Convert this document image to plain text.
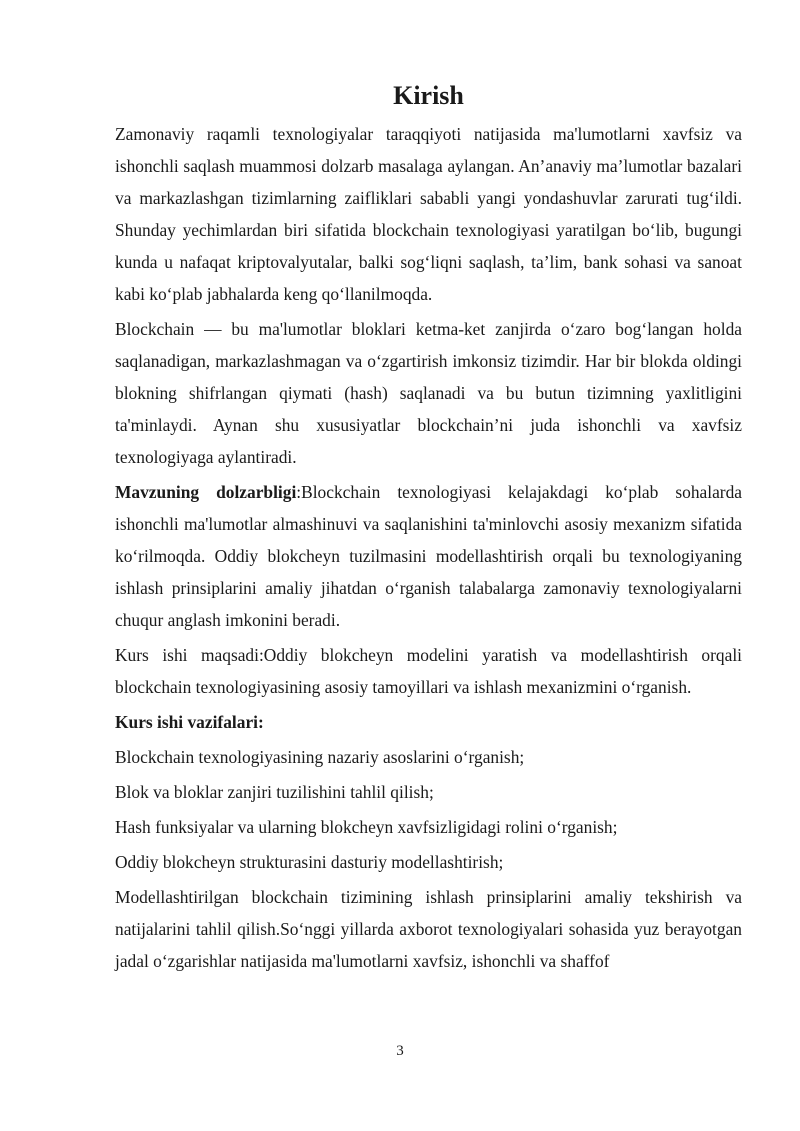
Kirish

Zamonaviy raqamli texnologiyalar taraqqiyoti natijasida ma'lumotlarni xavfsiz va ishonchli saqlash muammosi dolzarb masalaga aylangan. An’anaviy ma’lumotlar bazalari va markazlashgan tizimlarning zaifliklari sababli yangi yondashuvlar zarurati tug‘ildi. Shunday yechimlardan biri sifatida blockchain texnologiyasi yaratilgan bo‘lib, bugungi kunda u nafaqat kriptovalyutalar, balki sog‘liqni saqlash, ta’lim, bank sohasi va sanoat kabi ko‘plab jabhalarda keng qo‘llanilmoqda.

Blockchain — bu ma'lumotlar bloklari ketma-ket zanjirda o‘zaro bog‘langan holda saqlanadigan, markazlashmagan va o‘zgartirish imkonsiz tizimdir. Har bir blokda oldingi blokning shifrlangan qiymati (hash) saqlanadi va bu butun tizimning yaxlitligini ta'minlaydi. Aynan shu xususiyatlar blockchain’ni juda ishonchli va xavfsiz texnologiyaga aylantiradi.

Mavzuning dolzarbligi:Blockchain texnologiyasi kelajakdagi ko‘plab sohalarda ishonchli ma'lumotlar almashinuvi va saqlanishini ta'minlovchi asosiy mexanizm sifatida ko‘rilmoqda. Oddiy blokcheyn tuzilmasini modellashtirish orqali bu texnologiyaning ishlash prinsiplarini amaliy jihatdan o‘rganish talabalarga zamonaviy texnologiyalarni chuqur anglash imkonini beradi.

Kurs ishi maqsadi:Oddiy blokcheyn modelini yaratish va modellashtirish orqali blockchain texnologiyasining asosiy tamoyillari va ishlash mexanizmini o‘rganish.

Kurs ishi vazifalari:

Blockchain texnologiyasining nazariy asoslarini o‘rganish;

Blok va bloklar zanjiri tuzilishini tahlil qilish;

Hash funksiyalar va ularning blokcheyn xavfsizligidagi rolini o‘rganish;

Oddiy blokcheyn strukturasini dasturiy modellashtirish;

Modellashtirilgan blockchain tizimining ishlash prinsiplarini amaliy tekshirish va natijalarini tahlil qilish.So‘nggi yillarda axborot texnologiyalari sohasida yuz berayotgan jadal o‘zgarishlar natijasida ma'lumotlarni xavfsiz, ishonchli va shaffof

3
